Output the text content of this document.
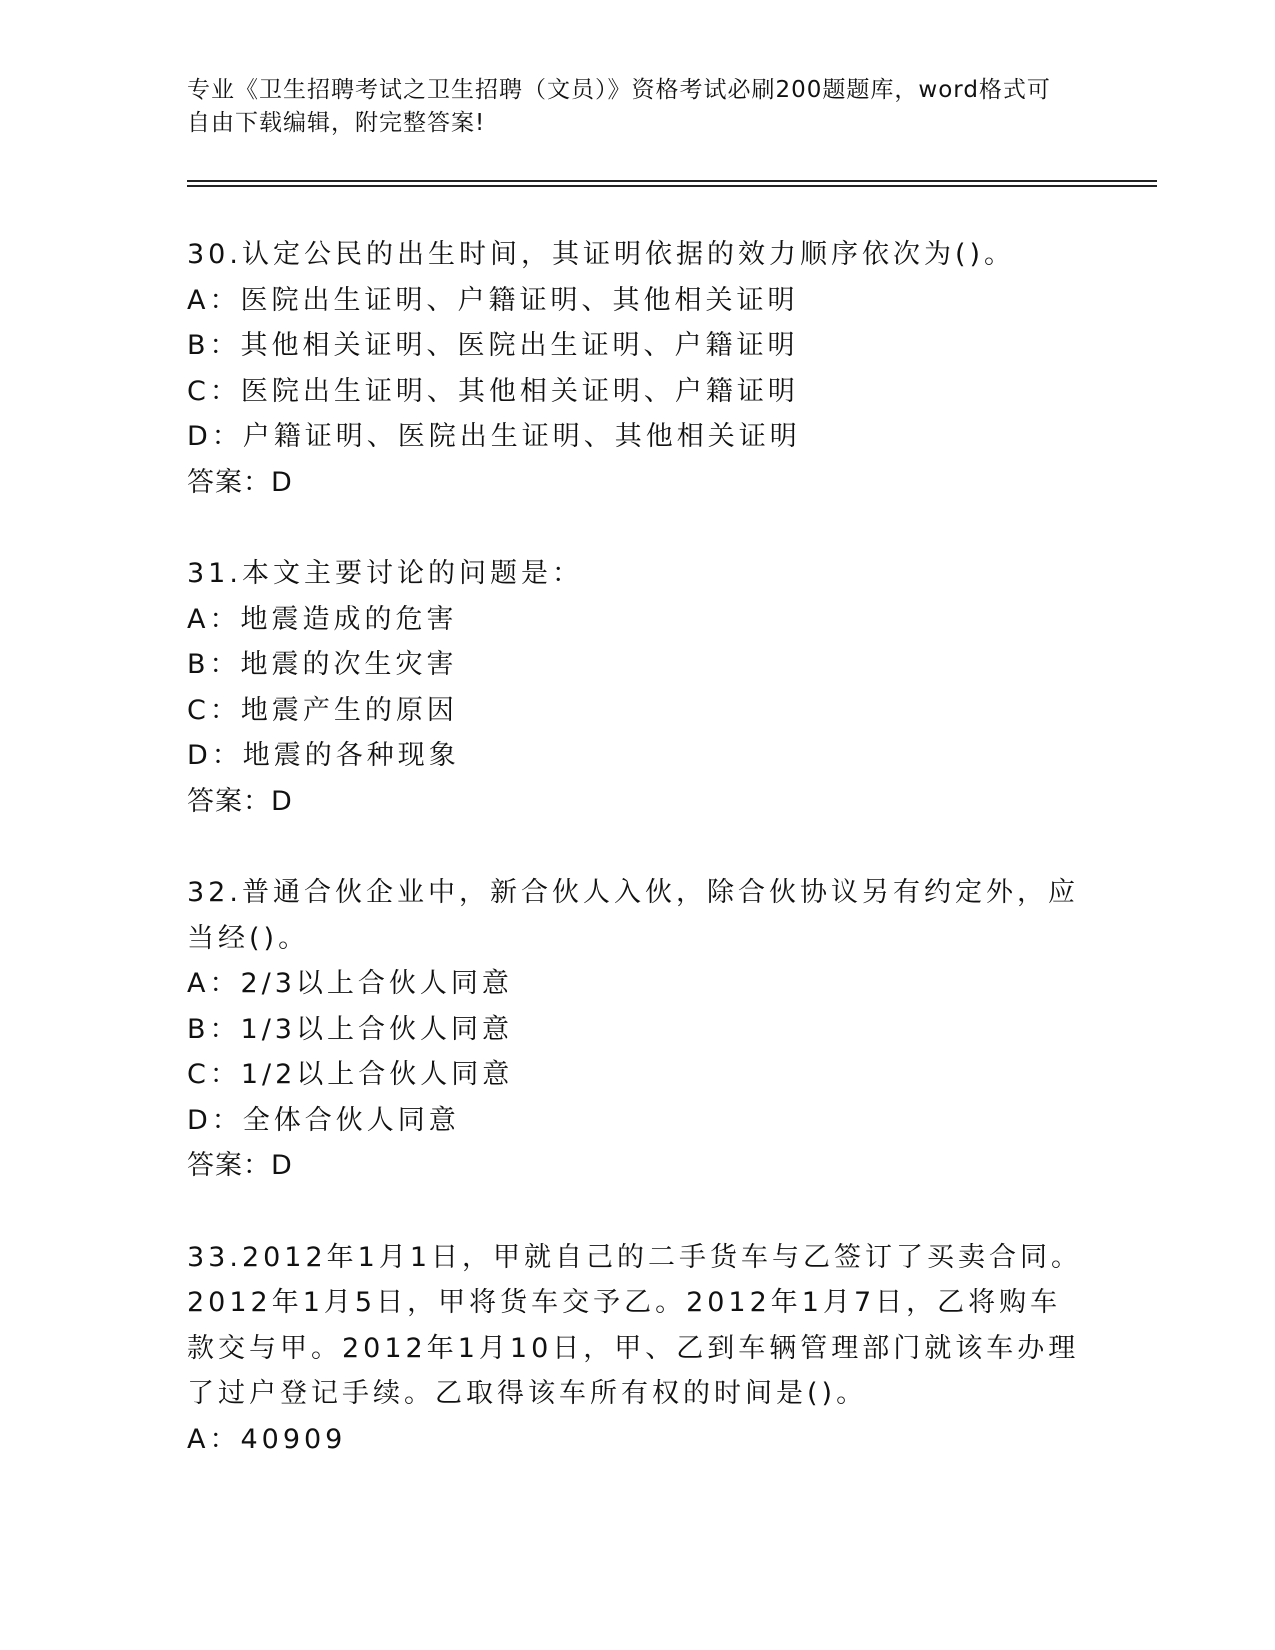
专业《卫生招聘考试之卫生招聘（文员）》资格考试必刷200题题库，word格式可自由下载编辑，附完整答案!
30.认定公民的出生时间，其证明依据的效力顺序依次为()。
A：医院出生证明、户籍证明、其他相关证明
B：其他相关证明、医院出生证明、户籍证明
C：医院出生证明、其他相关证明、户籍证明
D：户籍证明、医院出生证明、其他相关证明
答案：D
31.本文主要讨论的问题是：
A：地震造成的危害
B：地震的次生灾害
C：地震产生的原因
D：地震的各种现象
答案：D
32.普通合伙企业中，新合伙人入伙，除合伙协议另有约定外，应当经()。
A：2/3以上合伙人同意
B：1/3以上合伙人同意
C：1/2以上合伙人同意
D：全体合伙人同意
答案：D
33.2012年1月1日，甲就自己的二手货车与乙签订了买卖合同。2012年1月5日，甲将货车交予乙。2012年1月7日，乙将购车款交与甲。2012年1月10日，甲、乙到车辆管理部门就该车办理了过户登记手续。乙取得该车所有权的时间是()。
A：40909
